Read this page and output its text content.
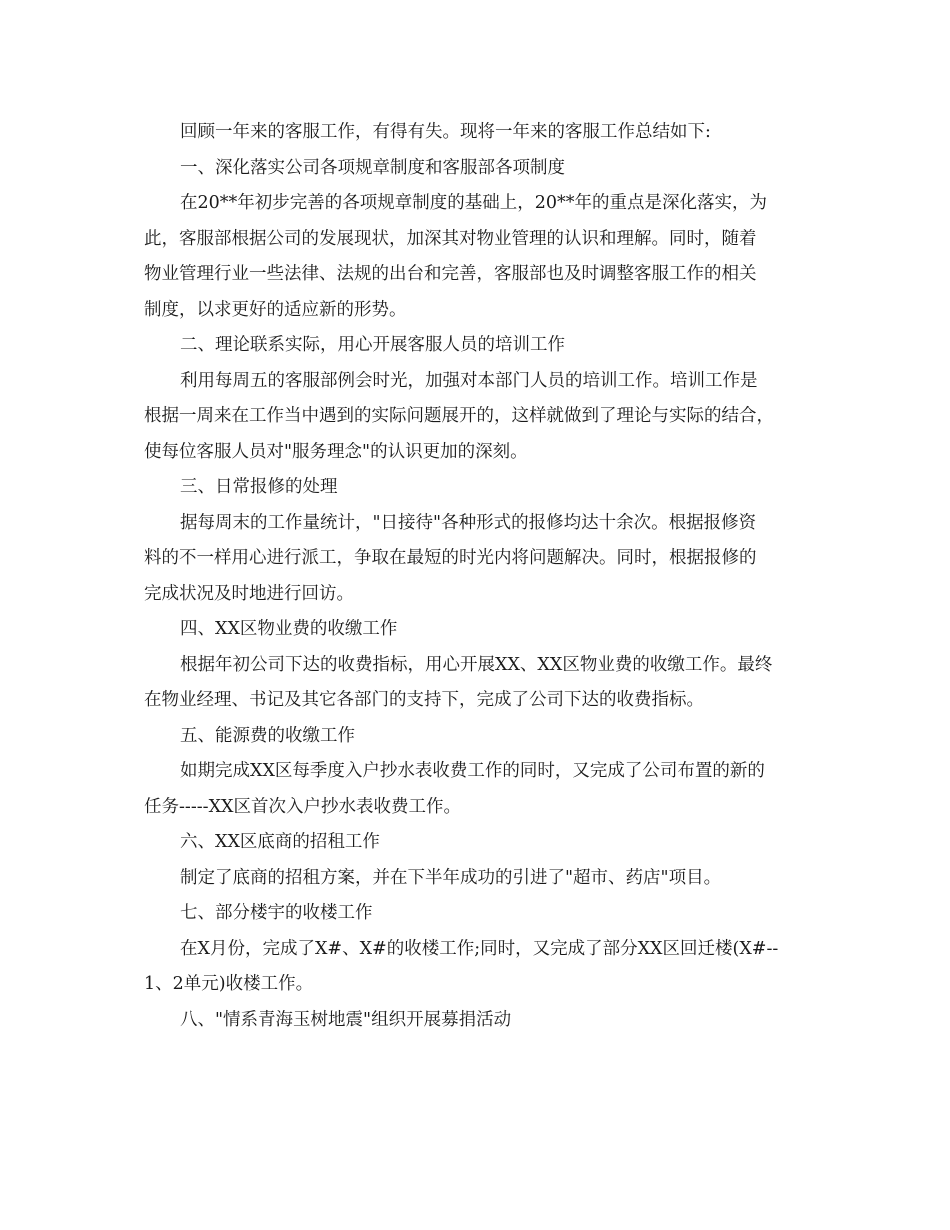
回顾一年来的客服工作，有得有失。现将一年来的客服工作总结如下:
一、深化落实公司各项规章制度和客服部各项制度
在20**年初步完善的各项规章制度的基础上，20**年的重点是深化落实，为
此，客服部根据公司的发展现状，加深其对物业管理的认识和理解。同时，随着
物业管理行业一些法律、法规的出台和完善，客服部也及时调整客服工作的相关
制度，以求更好的适应新的形势。
二、理论联系实际，用心开展客服人员的培训工作
利用每周五的客服部例会时光，加强对本部门人员的培训工作。培训工作是
根据一周来在工作当中遇到的实际问题展开的，这样就做到了理论与实际的结合，
使每位客服人员对"服务理念"的认识更加的深刻。
三、日常报修的处理
据每周末的工作量统计，"日接待"各种形式的报修均达十余次。根据报修资
料的不一样用心进行派工，争取在最短的时光内将问题解决。同时，根据报修的
完成状况及时地进行回访。
四、XX区物业费的收缴工作
根据年初公司下达的收费指标，用心开展XX、XX区物业费的收缴工作。最终
在物业经理、书记及其它各部门的支持下，完成了公司下达的收费指标。
五、能源费的收缴工作
如期完成XX区每季度入户抄水表收费工作的同时，又完成了公司布置的新的
任务-----XX区首次入户抄水表收费工作。
六、XX区底商的招租工作
制定了底商的招租方案，并在下半年成功的引进了"超市、药店"项目。
七、部分楼宇的收楼工作
在X月份，完成了X#、X#的收楼工作;同时，又完成了部分XX区回迁楼(X#--
1、2单元)收楼工作。
八、"情系青海玉树地震"组织开展募捐活动
